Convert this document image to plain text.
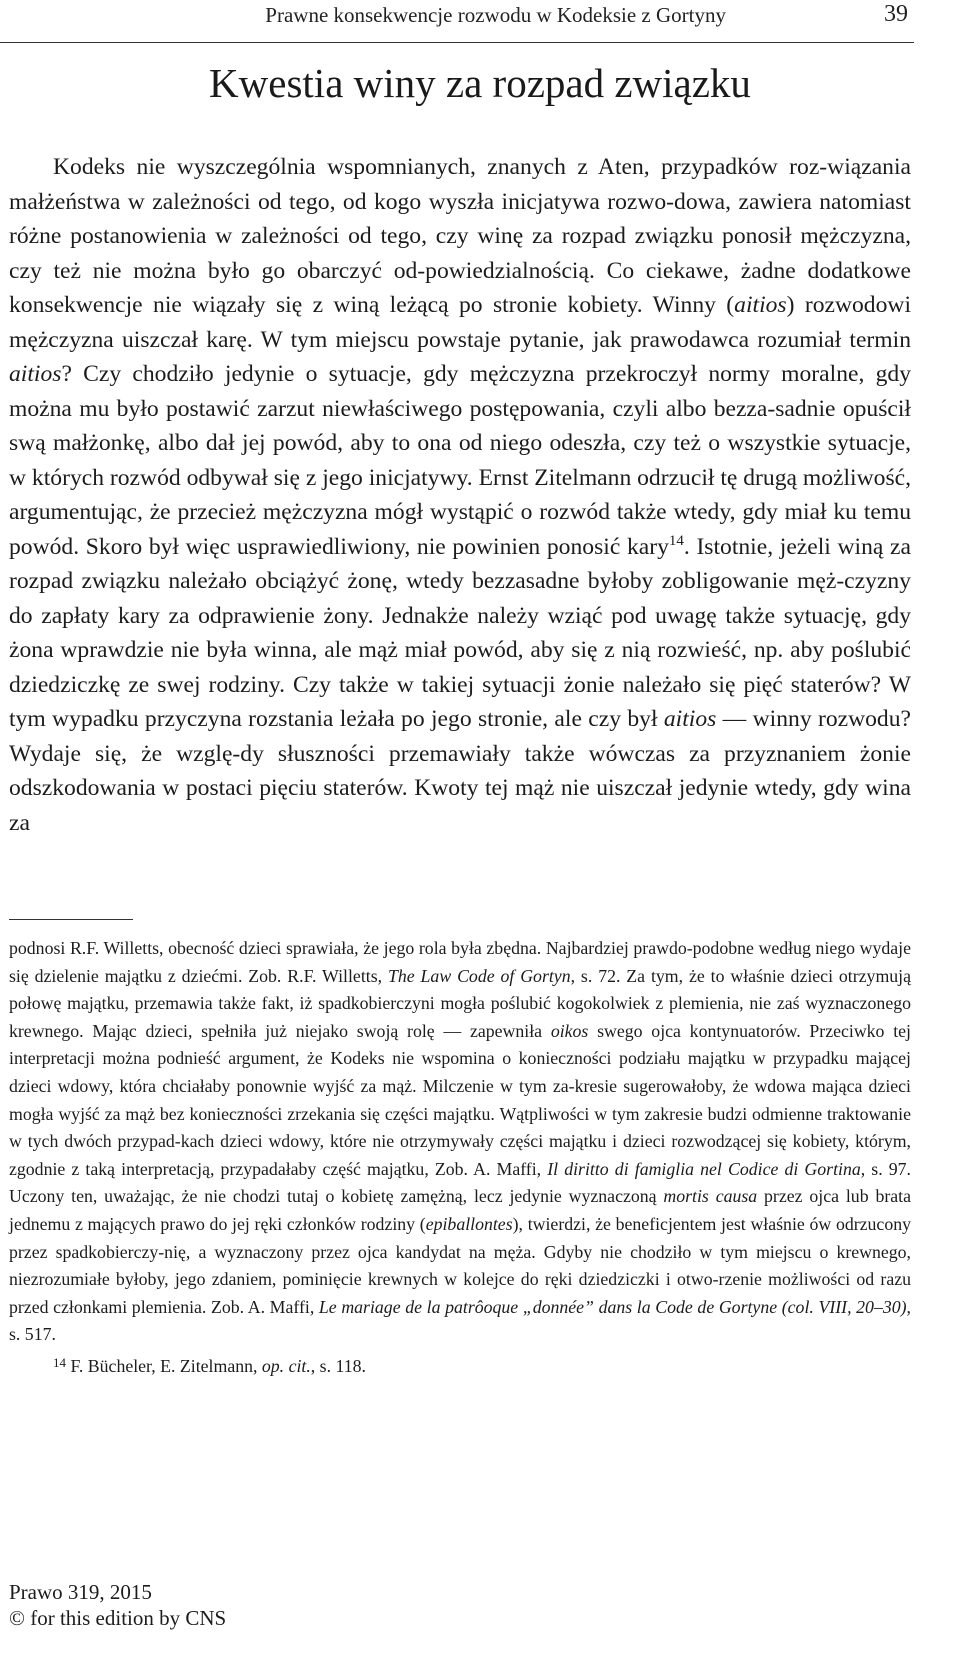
Prawne konsekwencje rozwodu w Kodeksie z Gortyny	39
Kwestia winy za rozpad związku

Kodeks nie wyszczególnia wspomnianych, znanych z Aten, przypadków roz-wiązania małżeństwa w zależności od tego, od kogo wyszła inicjatywa rozwo-dowa, zawiera natomiast różne postanowienia w zależności od tego, czy winę za rozpad związku ponosił mężczyzna, czy też nie można było go obarczyć od-powiedzialnością. Co ciekawe, żadne dodatkowe konsekwencje nie wiązały się z winą leżącą po stronie kobiety. Winny (aitios) rozwodowi mężczyzna uiszczał karę. W tym miejscu powstaje pytanie, jak prawodawca rozumiał termin aitios? Czy chodziło jedynie o sytuacje, gdy mężczyzna przekroczył normy moralne, gdy można mu było postawić zarzut niewłaściwego postępowania, czyli albo bezza-sadnie opuścił swą małżonkę, albo dał jej powód, aby to ona od niego odeszła, czy też o wszystkie sytuacje, w których rozwód odbywał się z jego inicjatywy. Ernst Zitelmann odrzucił tę drugą możliwość, argumentując, że przecież mężczyzna mógł wystąpić o rozwód także wtedy, gdy miał ku temu powód. Skoro był więc usprawiedliwiony, nie powinien ponosić kary$^{14}$. Istotnie, jeżeli winą za rozpad związku należało obciążyć żonę, wtedy bezzasadne byłoby zobligowanie męż-czyzny do zapłaty kary za odprawienie żony. Jednakże należy wziąć pod uwagę także sytuację, gdy żona wprawdzie nie była winna, ale mąż miał powód, aby się z nią rozwieść, np. aby poślubić dziedziczkę ze swej rodziny. Czy także w takiej sytuacji żonie należało się pięć staterów? W tym wypadku przyczyna rozstania leżała po jego stronie, ale czy był aitios — winny rozwodu? Wydaje się, że wzglę-dy słuszności przemawiały także wówczas za przyznaniem żonie odszkodowania w postaci pięciu staterów. Kwoty tej mąż nie uiszczał jedynie wtedy, gdy wina za

podnosi R.F. Willetts, obecność dzieci sprawiała, że jego rola była zbędna. Najbardziej prawdo-podobne według niego wydaje się dzielenie majątku z dziećmi. Zob. R.F. Willetts, The Law Code of Gortyn, s. 72. Za tym, że to właśnie dzieci otrzymują połowę majątku, przemawia także fakt, iż spadkobierczyni mogła poślubić kogokolwiek z plemienia, nie zaś wyznaczonego krewnego. Mając dzieci, spełniła już niejako swoją rolę — zapewniła oikos swego ojca kontynuatorów. Przeciwko tej interpretacji można podnieść argument, że Kodeks nie wspomina o konieczności podziału majątku w przypadku mającej dzieci wdowy, która chciałaby ponownie wyjść za mąż. Milczenie w tym za-kresie sugerowałoby, że wdowa mająca dzieci mogła wyjść za mąż bez konieczności zrzekania się części majątku. Wątpliwości w tym zakresie budzi odmienne traktowanie w tych dwóch przypad-kach dzieci wdowy, które nie otrzymywały części majątku i dzieci rozwodzącej się kobiety, którym, zgodnie z taką interpretacją, przypadałaby część majątku, Zob. A. Maffi, Il diritto di famiglia nel Codice di Gortina, s. 97. Uczony ten, uważając, że nie chodzi tutaj o kobietę zamężną, lecz jedynie wyznaczoną mortis causa przez ojca lub brata jednemu z mających prawo do jej ręki członków rodziny (epiballontes), twierdzi, że beneficjentem jest właśnie ów odrzucony przez spadkobierczy-nię, a wyznaczony przez ojca kandydat na męża. Gdyby nie chodziło w tym miejscu o krewnego, niezrozumiałe byłoby, jego zdaniem, pominięcie krewnych w kolejce do ręki dziedziczki i otwo-rzenie możliwości od razu przed członkami plemienia. Zob. A. Maffi, Le mariage de la patrôoque „donnée” dans la Code de Gortyne (col. VIII, 20–30), s. 517.

$^{14}$ F. Bücheler, E. Zitelmann, op. cit., s. 118.

Prawo 319, 2015
© for this edition by CNS
